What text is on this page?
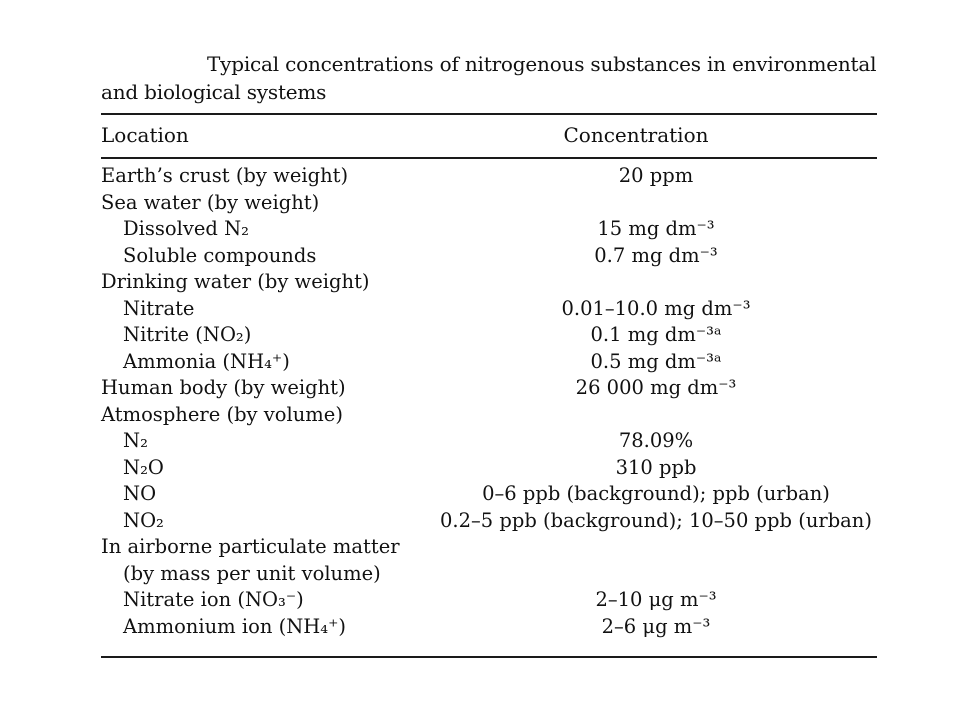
Typical concentrations of nitrogenous substances in environmental and biological systems
Location	Concentration
Earth’s crust (by weight)	20 ppm
Sea water (by weight)
Dissolved N₂	15 mg dm⁻³
Soluble compounds	0.7 mg dm⁻³
Drinking water (by weight)
Nitrate	0.01–10.0 mg dm⁻³
Nitrite (NO₂)	0.1 mg dm⁻³ᵃ
Ammonia (NH₄⁺)	0.5 mg dm⁻³ᵃ
Human body (by weight)	26 000 mg dm⁻³
Atmosphere (by volume)
N₂	78.09%
N₂O	310 ppb
NO	0–6 ppb (background); ppb (urban)
NO₂	0.2–5 ppb (background); 10–50 ppb (urban)
In airborne particulate matter
(by mass per unit volume)
Nitrate ion (NO₃⁻)	2–10 μg m⁻³
Ammonium ion (NH₄⁺)	2–6 μg m⁻³
